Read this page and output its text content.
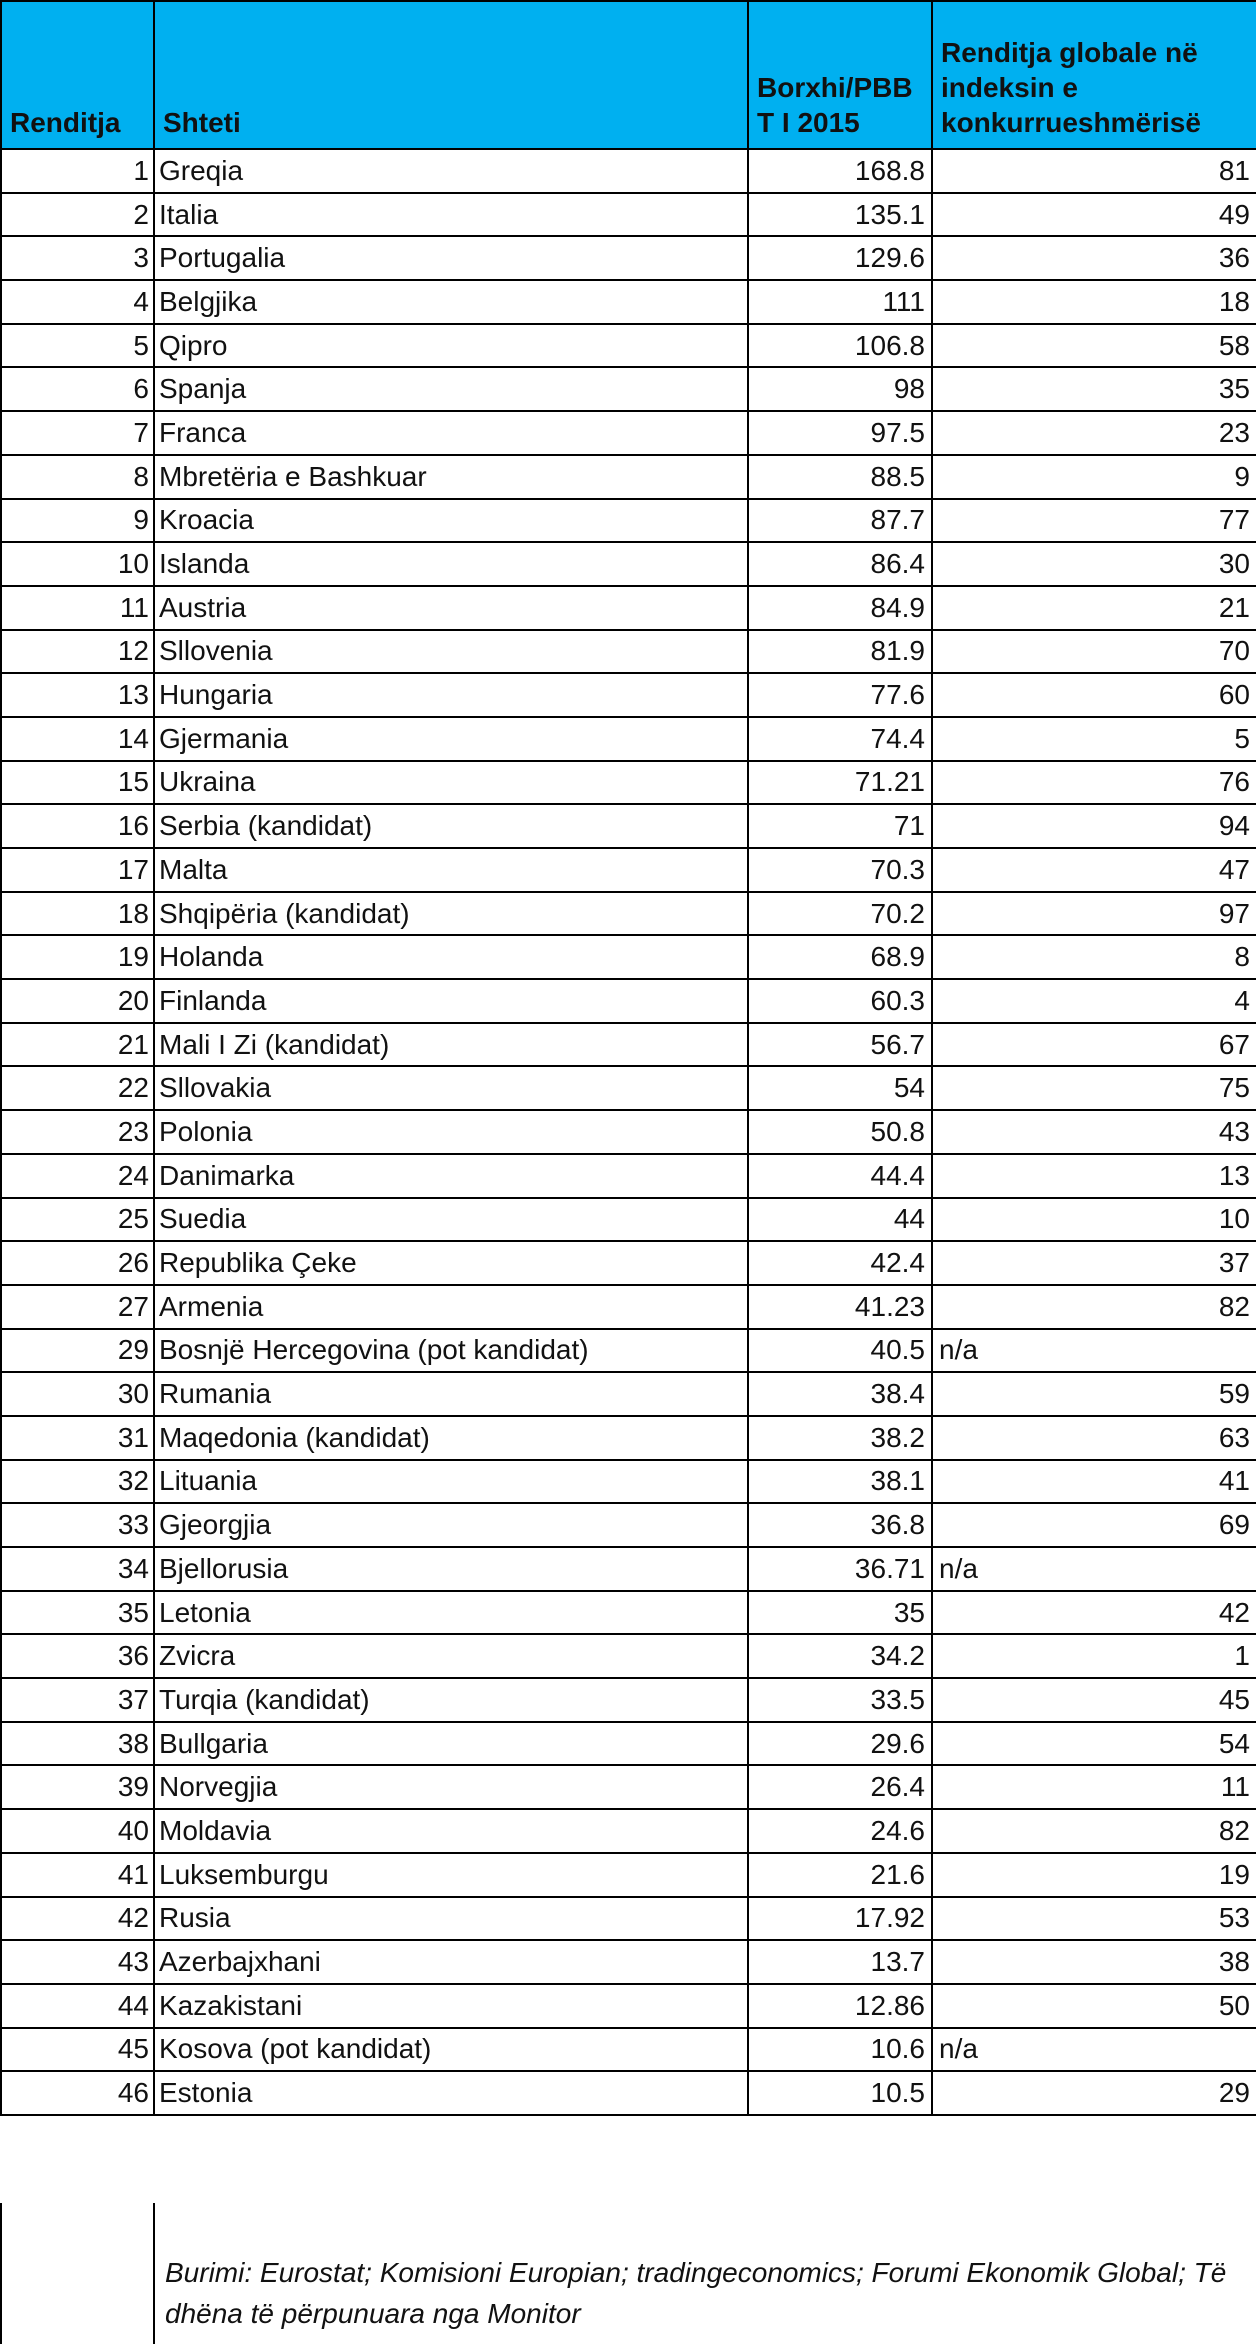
Renditja	Shteti	Borxhi/PBB T I 2015	Renditja globale në indeksin e konkurrueshmërisë
1	Greqia	168.8	81
2	Italia	135.1	49
3	Portugalia	129.6	36
4	Belgjika	111	18
5	Qipro	106.8	58
6	Spanja	98	35
7	Franca	97.5	23
8	Mbretëria e Bashkuar	88.5	9
9	Kroacia	87.7	77
10	Islanda	86.4	30
11	Austria	84.9	21
12	Sllovenia	81.9	70
13	Hungaria	77.6	60
14	Gjermania	74.4	5
15	Ukraina	71.21	76
16	Serbia (kandidat)	71	94
17	Malta	70.3	47
18	Shqipëria (kandidat)	70.2	97
19	Holanda	68.9	8
20	Finlanda	60.3	4
21	Mali I Zi (kandidat)	56.7	67
22	Sllovakia	54	75
23	Polonia	50.8	43
24	Danimarka	44.4	13
25	Suedia	44	10
26	Republika Çeke	42.4	37
27	Armenia	41.23	82
29	Bosnjë Hercegovina (pot kandidat)	40.5	n/a
30	Rumania	38.4	59
31	Maqedonia (kandidat)	38.2	63
32	Lituania	38.1	41
33	Gjeorgjia	36.8	69
34	Bjellorusia	36.71	n/a
35	Letonia	35	42
36	Zvicra	34.2	1
37	Turqia (kandidat)	33.5	45
38	Bullgaria	29.6	54
39	Norvegjia	26.4	11
40	Moldavia	24.6	82
41	Luksemburgu	21.6	19
42	Rusia	17.92	53
43	Azerbajxhani	13.7	38
44	Kazakistani	12.86	50
45	Kosova (pot kandidat)	10.6	n/a
46	Estonia	10.5	29
Burimi: Eurostat; Komisioni Europian; tradingeconomics; Forumi Ekonomik Global; Të dhëna të përpunuara nga Monitor
